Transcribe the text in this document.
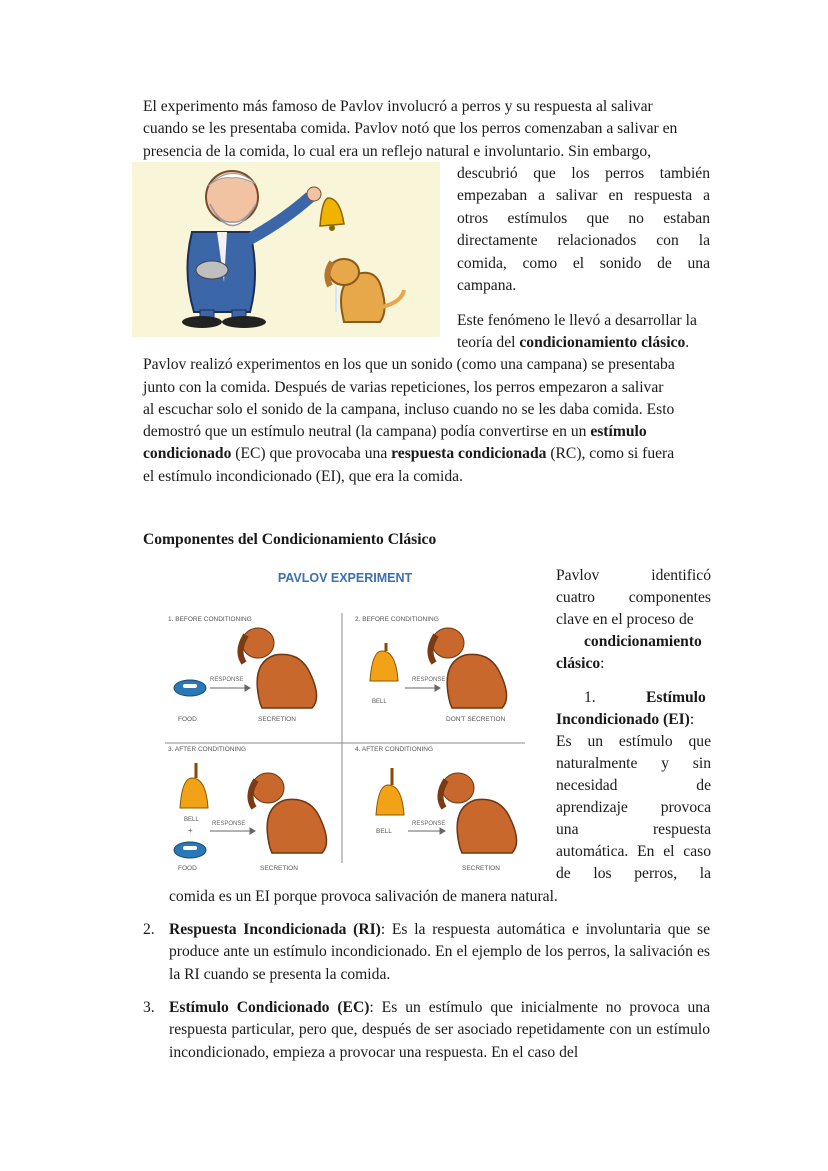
El experimento más famoso de Pavlov involucró a perros y su respuesta al salivar

cuando se les presentaba comida. Pavlov notó que los perros comenzaban a salivar en

presencia de la comida, lo cual era un reflejo natural e involuntario. Sin embargo,

descubrió que los perros también
empezaban a salivar en respuesta a
otros estímulos que no estaban
directamente relacionados con la
comida, como el sonido de una
campana.

Este fenómeno le llevó a desarrollar la

teoría del condicionamiento clásico.

Pavlov realizó experimentos en los que un sonido (como una campana) se presentaba

junto con la comida. Después de varias repeticiones, los perros empezaron a salivar

al escuchar solo el sonido de la campana, incluso cuando no se les daba comida. Esto

demostró que un estímulo neutral (la campana) podía convertirse en un estímulo

condicionado (EC) que provocaba una respuesta condicionada (RC), como si fuera

el estímulo incondicionado (EI), que era la comida.

Componentes del Condicionamiento Clásico

PAVLOV EXPERIMENT
1. BEFORE CONDITIONING	2. BEFORE CONDITIONING
3. AFTER CONDITIONING	4. AFTER CONDITIONING
RESPONSE	RESPONSE
RESPONSE	RESPONSE
FOOD	SECRETION
BELL
DON'T SECRETION
BELL
+
FOOD	SECRETION
BELL
SECRETION

Pavlov identificó

cuatro componentes

clave en el proceso de

condicionamiento

clásico:

1.	Estímulo

Incondicionado (EI):

Es un estímulo que

naturalmente y sin

necesidad de

aprendizaje provoca

una respuesta

automática. En el caso

de los perros, la

comida es un EI porque provoca salivación de manera natural.

2. Respuesta Incondicionada (RI): Es la respuesta automática e involuntaria que se produce ante un estímulo incondicionado. En el ejemplo de los perros, la salivación es la RI cuando se presenta la comida.
3. Estímulo Condicionado (EC): Es un estímulo que inicialmente no provoca una respuesta particular, pero que, después de ser asociado repetidamente con un estímulo incondicionado, empieza a provocar una respuesta. En el caso del
